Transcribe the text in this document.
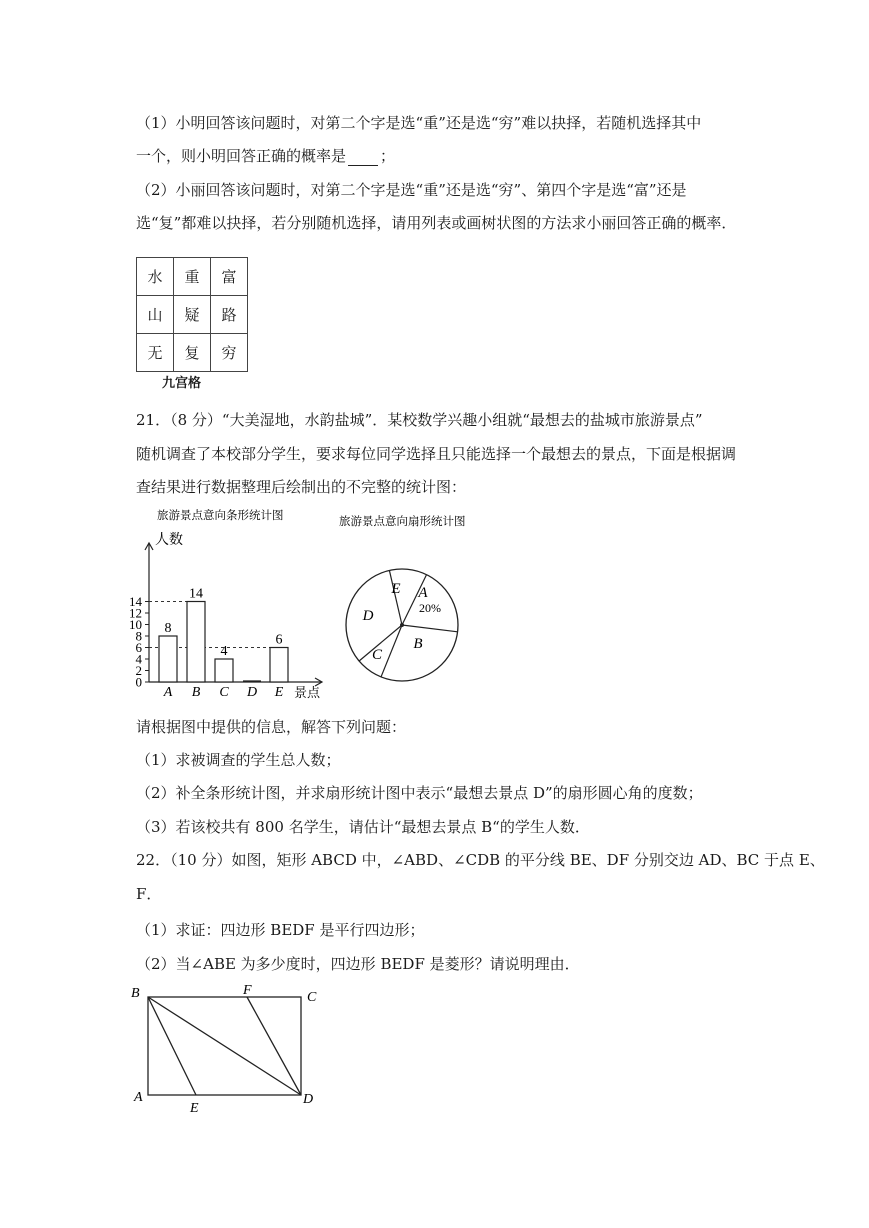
（1）小明回答该问题时，对第二个字是选“重”还是选“穷”难以抉择，若随机选择其中
一个，则小明回答正确的概率是 ；
（2）小丽回答该问题时，对第二个字是选“重”还是选“穷”、第四个字是选“富”还是
选“复”都难以抉择，若分别随机选择，请用列表或画树状图的方法求小丽回答正确的概率．
水	重	富
山	疑	路
无	复	穷
九宫格
21．（8 分）“大美湿地，水韵盐城”．某校数学兴趣小组就“最想去的盐城市旅游景点”
随机调查了本校部分学生，要求每位同学选择且只能选择一个最想去的景点，下面是根据调
查结果进行数据整理后绘制出的不完整的统计图：
旅游景点意向条形统计图
人数
景点
0
2
4
6
8
10
12
14
8
A
14
B
4
C D
6
E
旅游景点意向扇形统计图
A
B
C
D
E
20%
请根据图中提供的信息，解答下列问题：
（1）求被调查的学生总人数；
（2）补全条形统计图，并求扇形统计图中表示“最想去景点 D”的扇形圆心角的度数；
（3）若该校共有 800 名学生，请估计“最想去景点 B“的学生人数．
22．（10 分）如图，矩形 ABCD 中，∠ABD、∠CDB 的平分线 BE、DF 分别交边 AD、BC 于点 E、
F．
（1）求证：四边形 BEDF 是平行四边形；
（2）当∠ABE 为多少度时，四边形 BEDF 是菱形？请说明理由．
B	F	C
A
E
D
